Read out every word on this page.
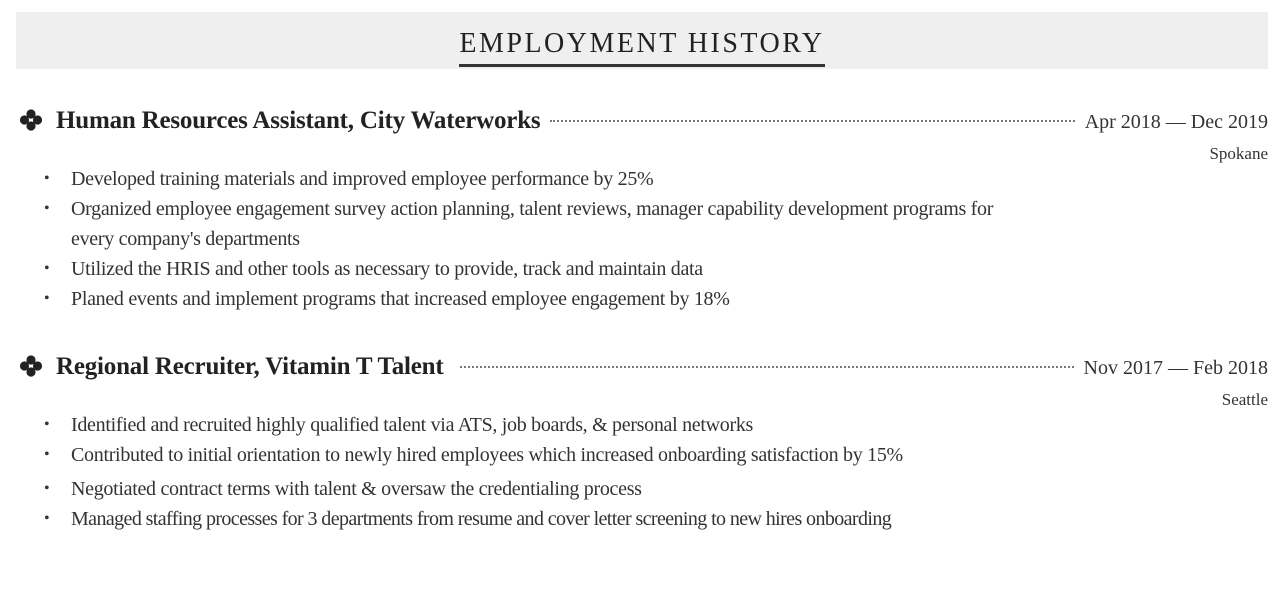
EMPLOYMENT HISTORY
Human Resources Assistant, City Waterworks	Apr 2018 — Dec 2019
Spokane
• Developed training materials and improved employee performance by 25%
• Organized employee engagement survey action planning, talent reviews, manager capability development programs for every company's departments
• Utilized the HRIS and other tools as necessary to provide, track and maintain data
• Planed events and implement programs that increased employee engagement by 18%
Regional Recruiter, Vitamin T Talent	Nov 2017 — Feb 2018
Seattle
• Identified and recruited highly qualified talent via ATS, job boards, & personal networks
• Contributed to initial orientation to newly hired employees which increased onboarding satisfaction by 15%
• Negotiated contract terms with talent & oversaw the credentialing process
• Managed staffing processes for 3 departments from resume and cover letter screening to new hires onboarding
